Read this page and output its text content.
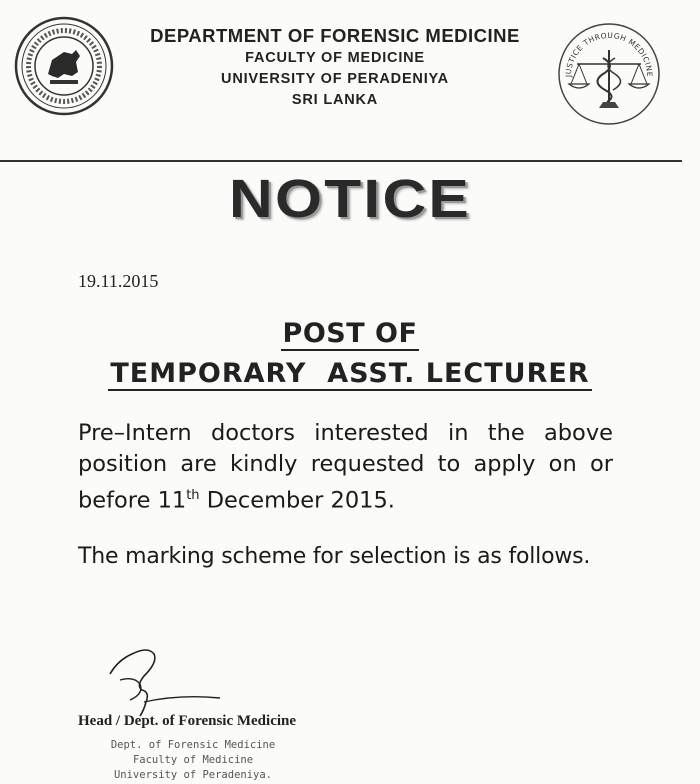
DEPARTMENT OF FORENSIC MEDICINE
FACULTY OF MEDICINE
UNIVERSITY OF PERADENIYA
SRI LANKA
JUSTICE THROUGH MEDICINE
NOTICE
19.11.2015
POST OF
TEMPORARY  ASST. LECTURER
Pre–Intern doctors interested in the above
position are kindly requested to apply on or
before 11th December 2015.
The marking scheme for selection is as follows.
Head / Dept. of Forensic Medicine
Dept. of Forensic Medicine
Faculty of Medicine
University of Peradeniya.
